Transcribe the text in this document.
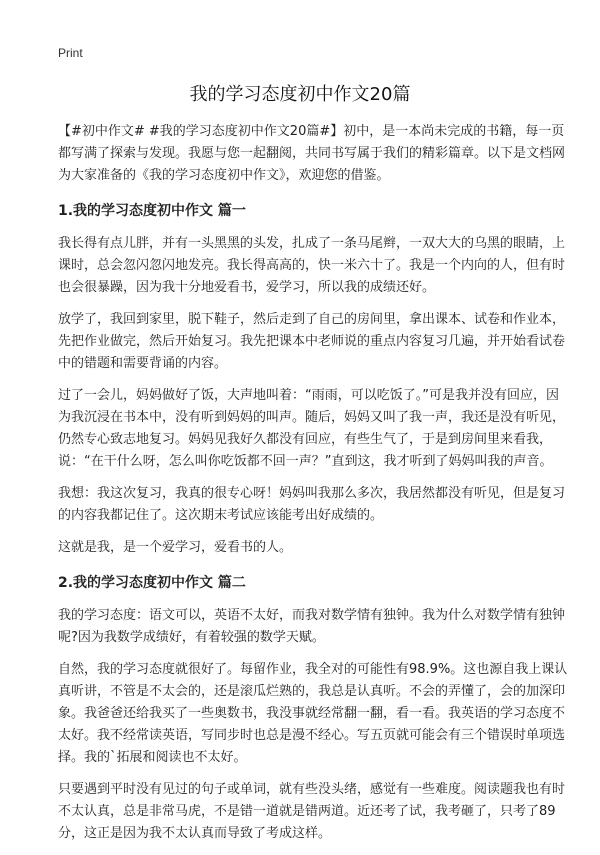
Print
我的学习态度初中作文20篇

【#初中作文# #我的学习态度初中作文20篇#】初中，是一本尚未完成的书籍，每一页都写满了探索与发现。我愿与您一起翻阅，共同书写属于我们的精彩篇章。以下是文档网为大家准备的《我的学习态度初中作文》，欢迎您的借鉴。

1.我的学习态度初中作文 篇一

我长得有点儿胖，并有一头黑黑的头发，扎成了一条马尾辫，一双大大的乌黑的眼睛，上课时，总会忽闪忽闪地发亮。我长得高高的，快一米六十了。我是一个内向的人，但有时也会很暴躁，因为我十分地爱看书，爱学习，所以我的成绩还好。

放学了，我回到家里，脱下鞋子，然后走到了自己的房间里，拿出课本、试卷和作业本，先把作业做完，然后开始复习。我先把课本中老师说的重点内容复习几遍，并开始看试卷中的错题和需要背诵的内容。

过了一会儿，妈妈做好了饭，大声地叫着：“雨雨，可以吃饭了。”可是我并没有回应，因为我沉浸在书本中，没有听到妈妈的叫声。随后，妈妈又叫了我一声，我还是没有听见，仍然专心致志地复习。妈妈见我好久都没有回应，有些生气了，于是到房间里来看我，说：“在干什么呀，怎么叫你吃饭都不回一声？”直到这，我才听到了妈妈叫我的声音。

我想：我这次复习，我真的很专心呀！妈妈叫我那么多次，我居然都没有听见，但是复习的内容我都记住了。这次期末考试应该能考出好成绩的。

这就是我，是一个爱学习，爱看书的人。

2.我的学习态度初中作文 篇二

我的学习态度：语文可以，英语不太好，而我对数学情有独钟。我为什么对数学情有独钟呢?因为我数学成绩好，有着较强的数学天赋。

自然，我的学习态度就很好了。每留作业，我全对的可能性有98.9%。这也源自我上课认真听讲，不管是不太会的，还是滚瓜烂熟的，我总是认真听。不会的弄懂了，会的加深印象。我爸爸还给我买了一些奥数书，我没事就经常翻一翻，看一看。我英语的学习态度不太好。我不经常读英语，写同步时也总是漫不经心。写五页就可能会有三个错误时单项选择。我的`拓展和阅读也不太好。

只要遇到平时没有见过的句子或单词，就有些没头绪，感觉有一些难度。阅读题我也有时不太认真，总是非常马虎，不是错一道就是错两道。近还考了试，我考砸了，只考了89分，这正是因为我不太认真而导致了考成这样。
